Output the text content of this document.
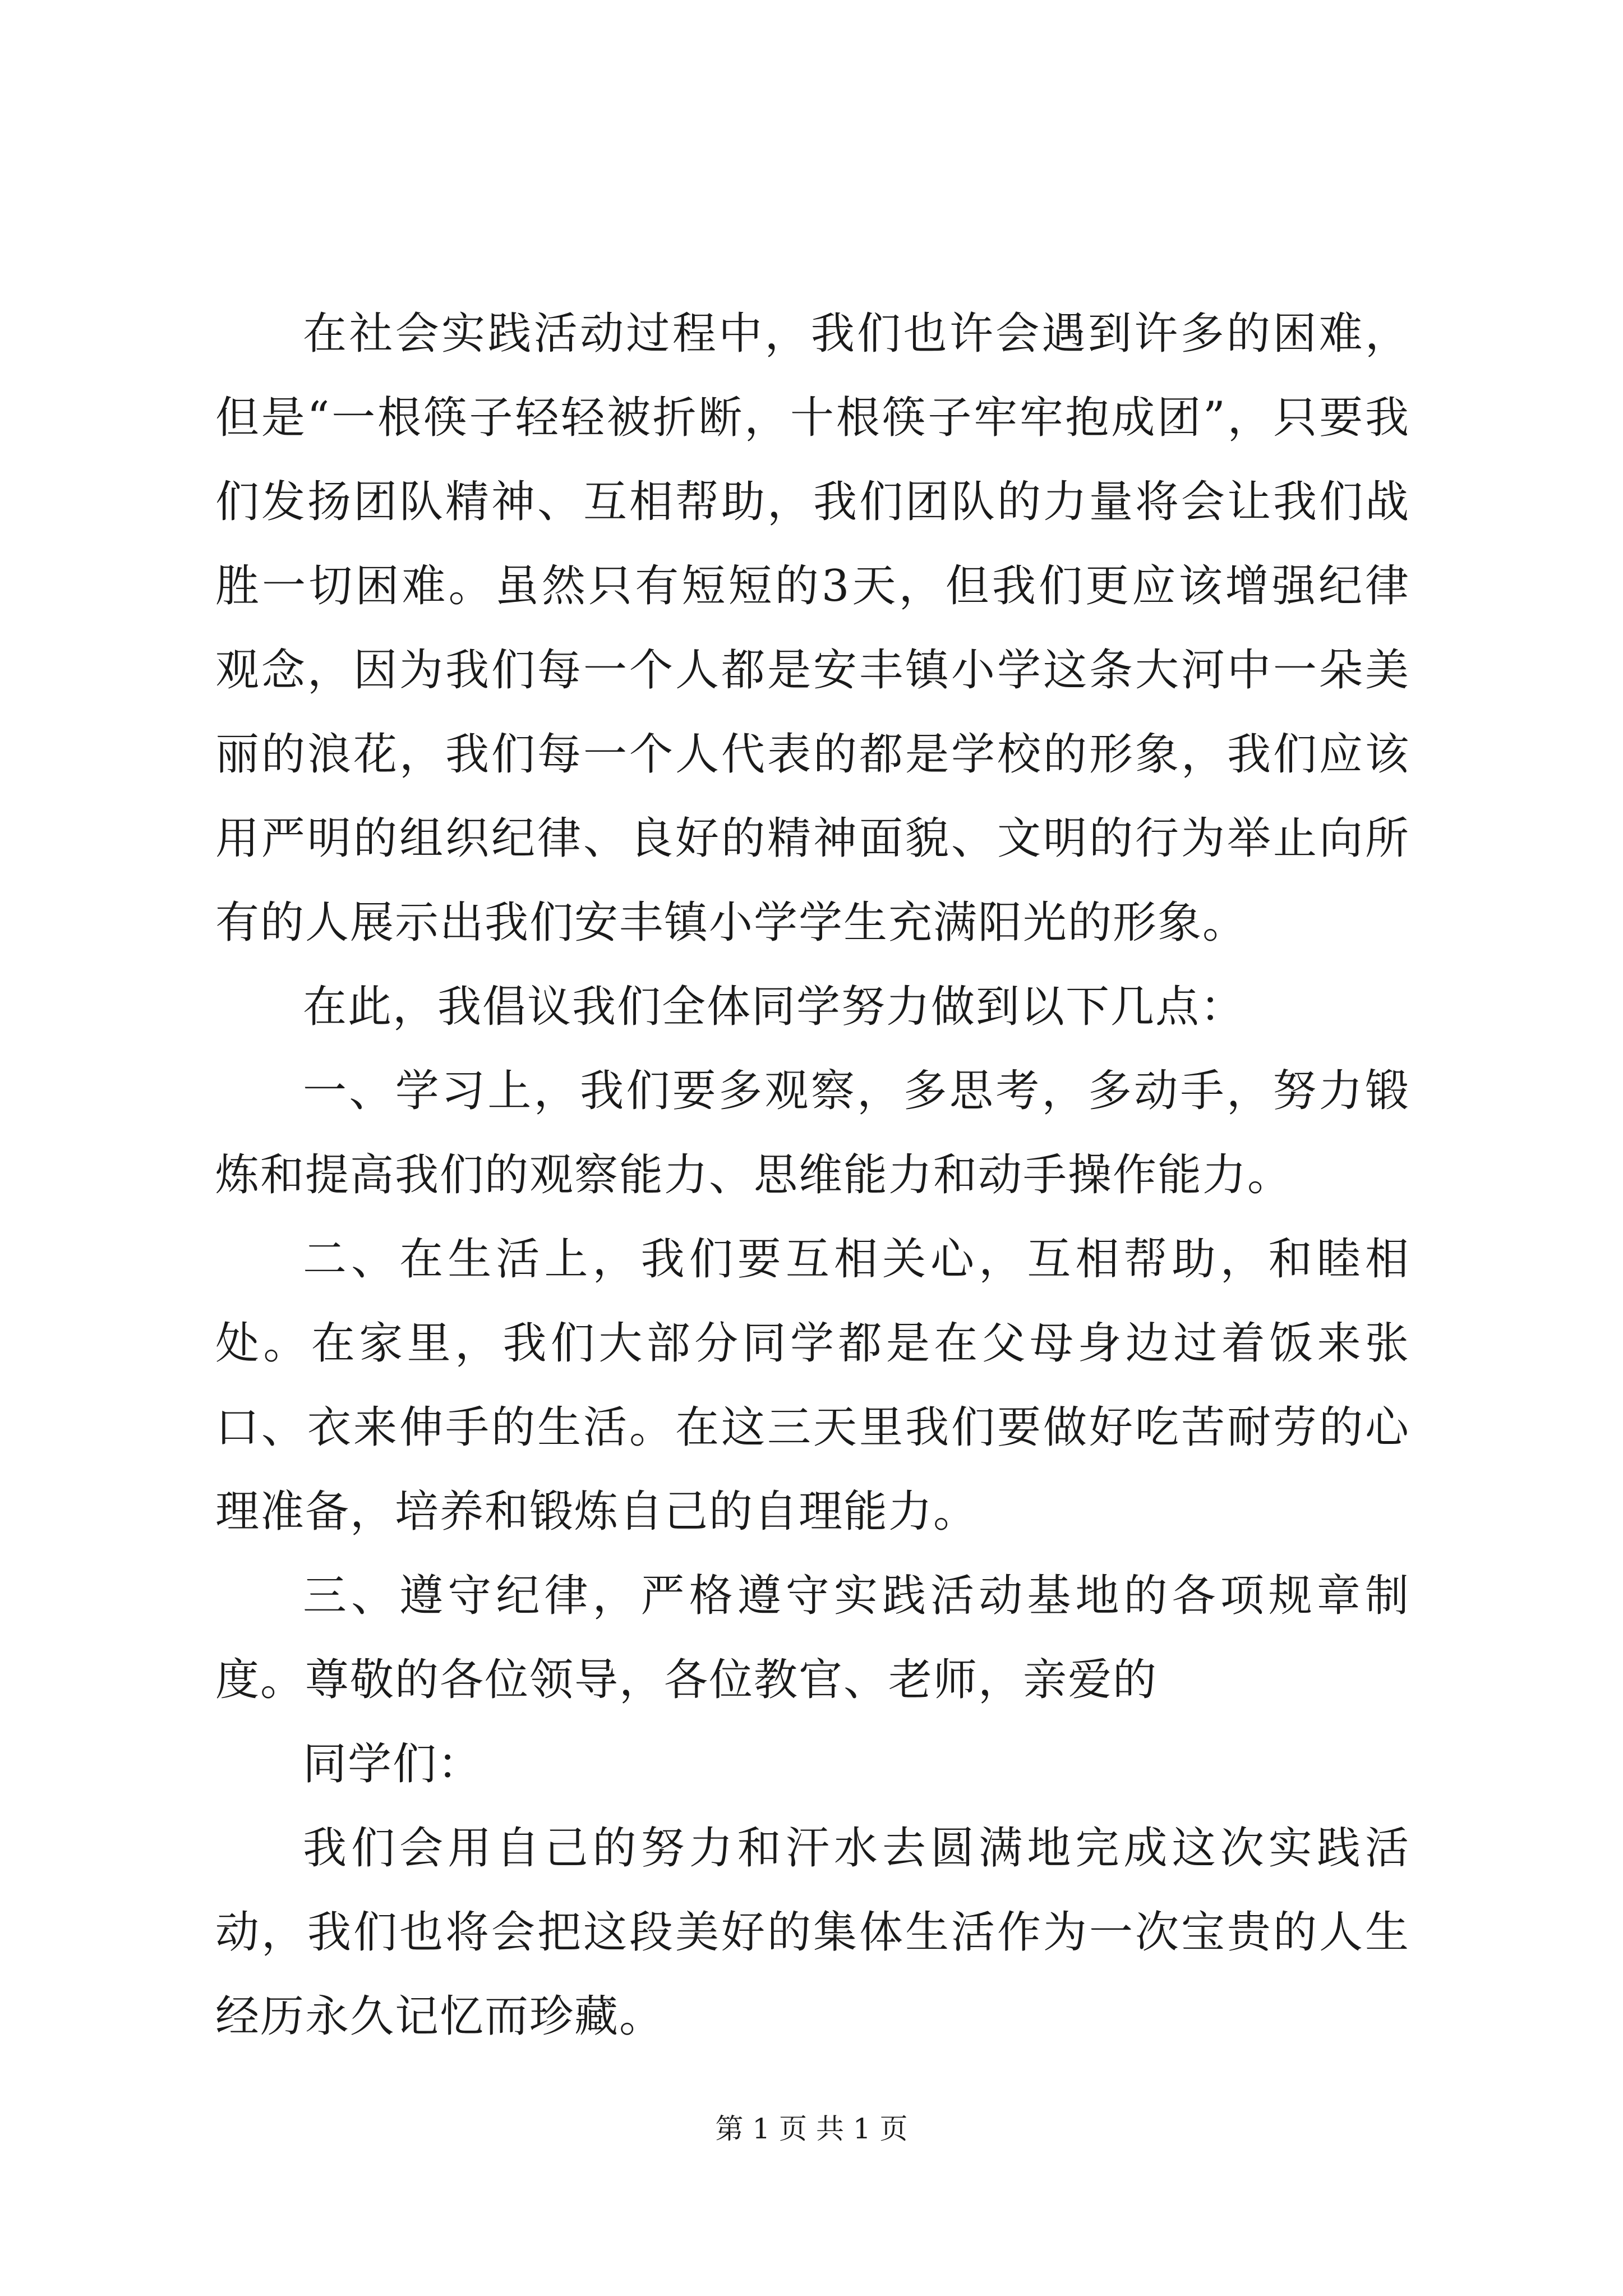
在社会实践活动过程中，我们也许会遇到许多的困难，但是“一根筷子轻轻被折断，十根筷子牢牢抱成团”，只要我们发扬团队精神、互相帮助，我们团队的力量将会让我们战胜一切困难。虽然只有短短的3天，但我们更应该增强纪律观念，因为我们每一个人都是安丰镇小学这条大河中一朵美丽的浪花，我们每一个人代表的都是学校的形象，我们应该用严明的组织纪律、良好的精神面貌、文明的行为举止向所有的人展示出我们安丰镇小学学生充满阳光的形象。

在此，我倡议我们全体同学努力做到以下几点：

一、学习上，我们要多观察，多思考，多动手，努力锻炼和提高我们的观察能力、思维能力和动手操作能力。

二、在生活上，我们要互相关心，互相帮助，和睦相处。在家里，我们大部分同学都是在父母身边过着饭来张口、衣来伸手的生活。在这三天里我们要做好吃苦耐劳的心理准备，培养和锻炼自己的自理能力。

三、遵守纪律，严格遵守实践活动基地的各项规章制度。尊敬的各位领导，各位教官、老师，亲爱的

同学们：

我们会用自己的努力和汗水去圆满地完成这次实践活动，我们也将会把这段美好的集体生活作为一次宝贵的人生经历永久记忆而珍藏。

第 1 页 共 1 页
